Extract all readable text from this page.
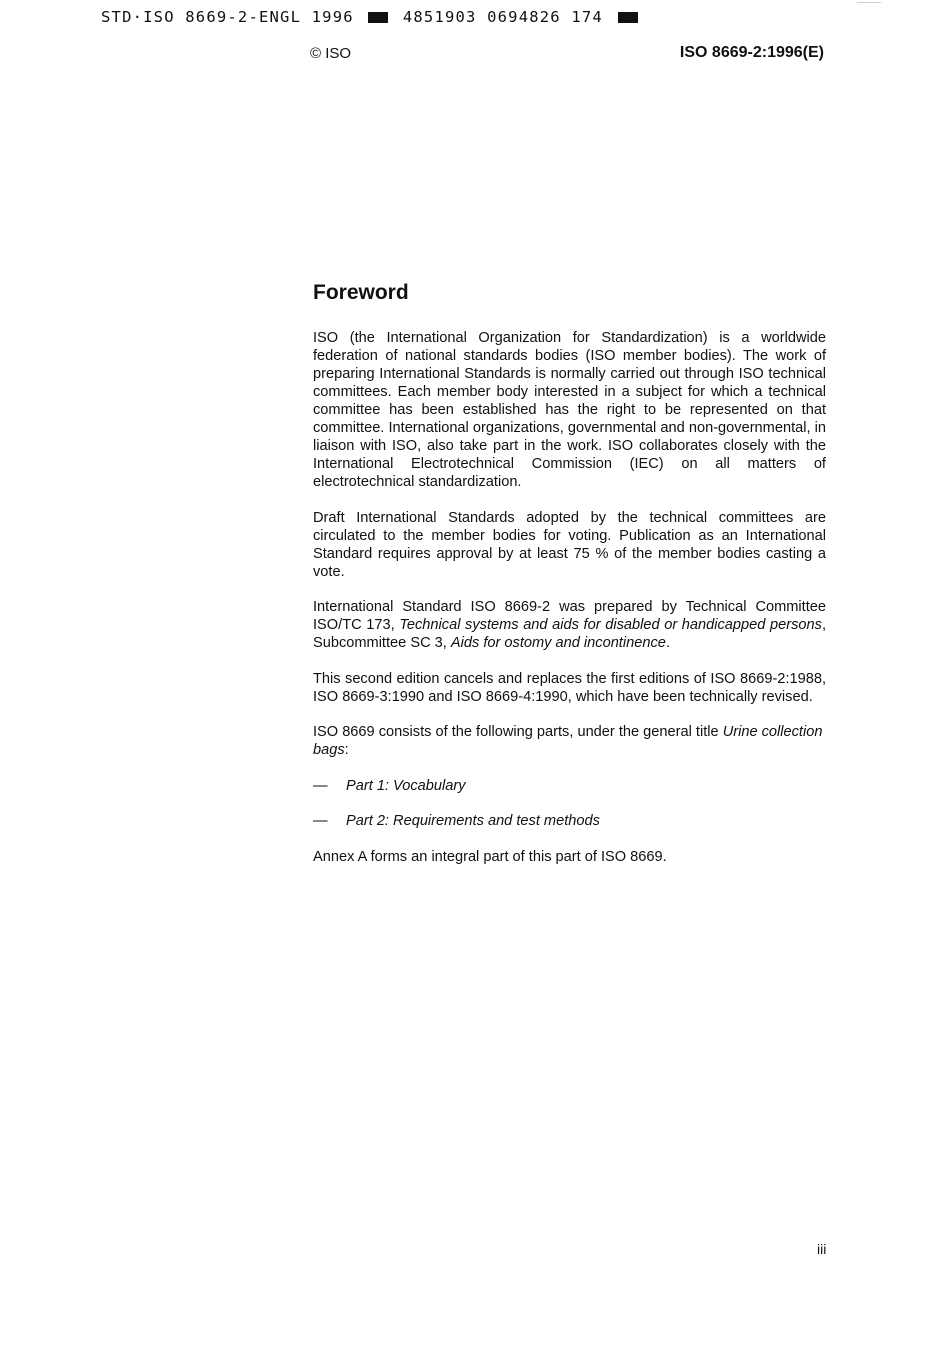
STD·ISO 8669-2-ENGL 1996	4851903 0694826 174
© ISO	ISO 8669-2:1996(E)
Foreword

ISO (the International Organization for Standardization) is a worldwide federation of national standards bodies (ISO member bodies). The work of preparing International Standards is normally carried out through ISO technical committees. Each member body interested in a subject for which a technical committee has been established has the right to be represented on that committee. International organizations, governmental and non-governmental, in liaison with ISO, also take part in the work. ISO collaborates closely with the International Electrotechnical Commission (IEC) on all matters of electrotechnical standardization.

Draft International Standards adopted by the technical committees are circulated to the member bodies for voting. Publication as an International Standard requires approval by at least 75 % of the member bodies casting a vote.

International Standard ISO 8669-2 was prepared by Technical Committee ISO/TC 173, Technical systems and aids for disabled or handicapped persons, Subcommittee SC 3, Aids for ostomy and incontinence.

This second edition cancels and replaces the first editions of ISO 8669-2:1988, ISO 8669-3:1990 and ISO 8669-4:1990, which have been technically revised.

ISO 8669 consists of the following parts, under the general title Urine collection bags:

— Part 1: Vocabulary
— Part 2: Requirements and test methods

Annex A forms an integral part of this part of ISO 8669.

iii
